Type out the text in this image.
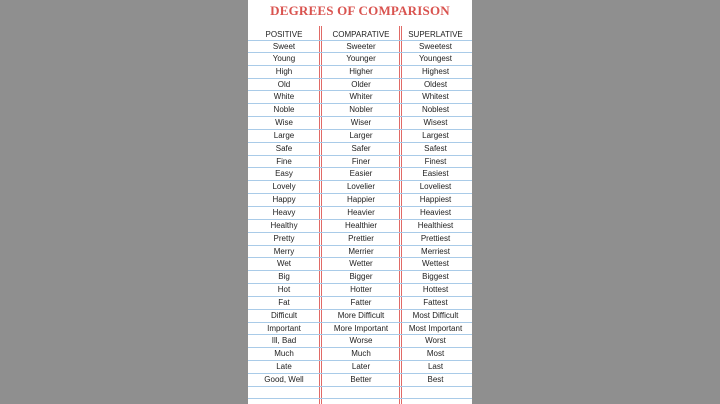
DEGREES OF COMPARISON
POSITIVE	COMPARATIVE	SUPERLATIVE
Sweet	Sweeter	Sweetest
Young	Younger	Youngest
High	Higher	Highest
Old	Older	Oldest
White	Whiter	Whitest
Noble	Nobler	Noblest
Wise	Wiser	Wisest
Large	Larger	Largest
Safe	Safer	Safest
Fine	Finer	Finest
Easy	Easier	Easiest
Lovely	Lovelier	Loveliest
Happy	Happier	Happiest
Heavy	Heavier	Heaviest
Healthy	Healthier	Healthiest
Pretty	Prettier	Prettiest
Merry	Merrier	Merriest
Wet	Wetter	Wettest
Big	Bigger	Biggest
Hot	Hotter	Hottest
Fat	Fatter	Fattest
Difficult	More Difficult	Most Difficult
Important	More Important	Most Important
Ill, Bad	Worse	Worst
Much	Much	Most
Late	Later	Last
Good, Well	Better	Best
